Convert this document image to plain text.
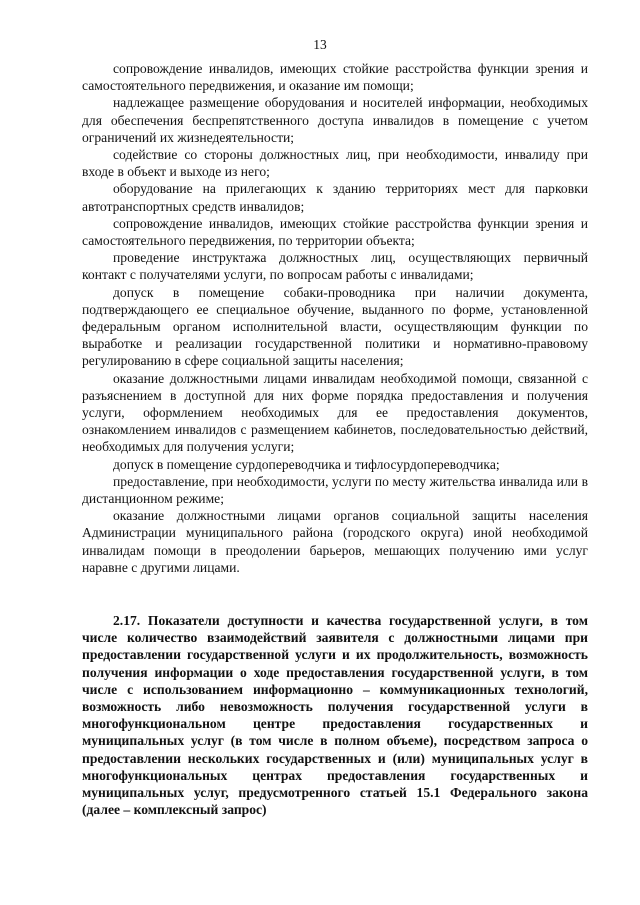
13

сопровождение инвалидов, имеющих стойкие расстройства функции зрения и самостоятельного передвижения, и оказание им помощи;

надлежащее размещение оборудования и носителей информации, необходимых для обеспечения беспрепятственного доступа инвалидов в помещение с учетом ограничений их жизнедеятельности;

содействие со стороны должностных лиц, при необходимости, инвалиду при входе в объект и выходе из него;

оборудование на прилегающих к зданию территориях мест для парковки автотранспортных средств инвалидов;

сопровождение инвалидов, имеющих стойкие расстройства функции зрения и самостоятельного передвижения, по территории объекта;

проведение инструктажа должностных лиц, осуществляющих первичный контакт с получателями услуги, по вопросам работы с инвалидами;

допуск в помещение собаки-проводника при наличии документа, подтверждающего ее специальное обучение, выданного по форме, установленной федеральным органом исполнительной власти, осуществляющим функции по выработке и реализации государственной политики и нормативно-правовому регулированию в сфере социальной защиты населения;

оказание должностными лицами инвалидам необходимой помощи, связанной с разъяснением в доступной для них форме порядка предоставления и получения услуги, оформлением необходимых для ее предоставления документов, ознакомлением инвалидов с размещением кабинетов, последовательностью действий, необходимых для получения услуги;

допуск в помещение сурдопереводчика и тифлосурдопереводчика;

предоставление, при необходимости, услуги по месту жительства инвалида или в дистанционном режиме;

оказание должностными лицами органов социальной защиты населения Администрации муниципального района (городского округа) иной необходимой инвалидам помощи в преодолении барьеров, мешающих получению ими услуг наравне с другими лицами.

2.17. Показатели доступности и качества государственной услуги, в том числе количество взаимодействий заявителя с должностными лицами при предоставлении государственной услуги и их продолжительность, возможность получения информации о ходе предоставления государственной услуги, в том числе с использованием информационно – коммуникационных технологий, возможность либо невозможность получения государственной услуги в многофункциональном центре предоставления государственных и муниципальных услуг (в том числе в полном объеме), посредством запроса о предоставлении нескольких государственных и (или) муниципальных услуг в многофункциональных центрах предоставления государственных и муниципальных услуг, предусмотренного статьей 15.1 Федерального закона (далее – комплексный запрос)
